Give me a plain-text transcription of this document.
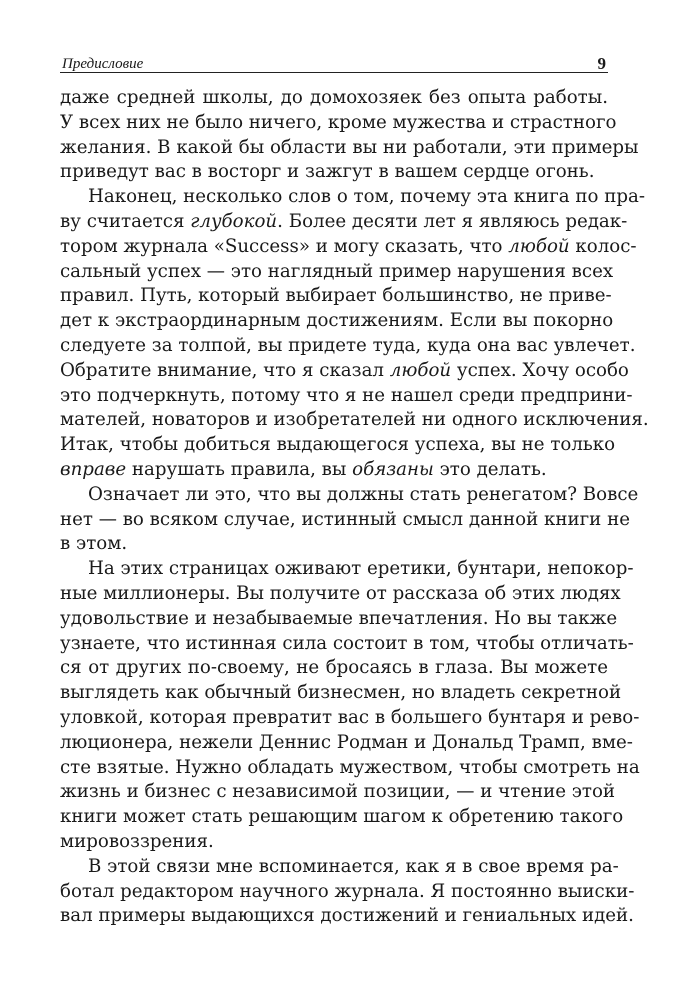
Предисловие	9
даже средней школы, до домохозяек без опыта работы.
У всех них не было ничего, кроме мужества и страстного
желания. В какой бы области вы ни работали, эти примеры
приведут вас в восторг и зажгут в вашем сердце огонь.
Наконец, несколько слов о том, почему эта книга по пра-
ву считается глубокой. Более десяти лет я являюсь редак-
тором журнала «Success» и могу сказать, что любой колос-
сальный успех — это наглядный пример нарушения всех
правил. Путь, который выбирает большинство, не приве-
дет к экстраординарным достижениям. Если вы покорно
следуете за толпой, вы придете туда, куда она вас увлечет.
Обратите внимание, что я сказал любой успех. Хочу особо
это подчеркнуть, потому что я не нашел среди предприни-
мателей, новаторов и изобретателей ни одного исключения.
Итак, чтобы добиться выдающегося успеха, вы не только
вправе нарушать правила, вы обязаны это делать.
Означает ли это, что вы должны стать ренегатом? Вовсе
нет — во всяком случае, истинный смысл данной книги не
в этом.
На этих страницах оживают еретики, бунтари, непокор-
ные миллионеры. Вы получите от рассказа об этих людях
удовольствие и незабываемые впечатления. Но вы также
узнаете, что истинная сила состоит в том, чтобы отличать-
ся от других по-своему, не бросаясь в глаза. Вы можете
выглядеть как обычный бизнесмен, но владеть секретной
уловкой, которая превратит вас в большего бунтаря и рево-
люционера, нежели Деннис Родман и Дональд Трамп, вме-
сте взятые. Нужно обладать мужеством, чтобы смотреть на
жизнь и бизнес с независимой позиции, — и чтение этой
книги может стать решающим шагом к обретению такого
мировоззрения.
В этой связи мне вспоминается, как я в свое время ра-
ботал редактором научного журнала. Я постоянно выиски-
вал примеры выдающихся достижений и гениальных идей.
